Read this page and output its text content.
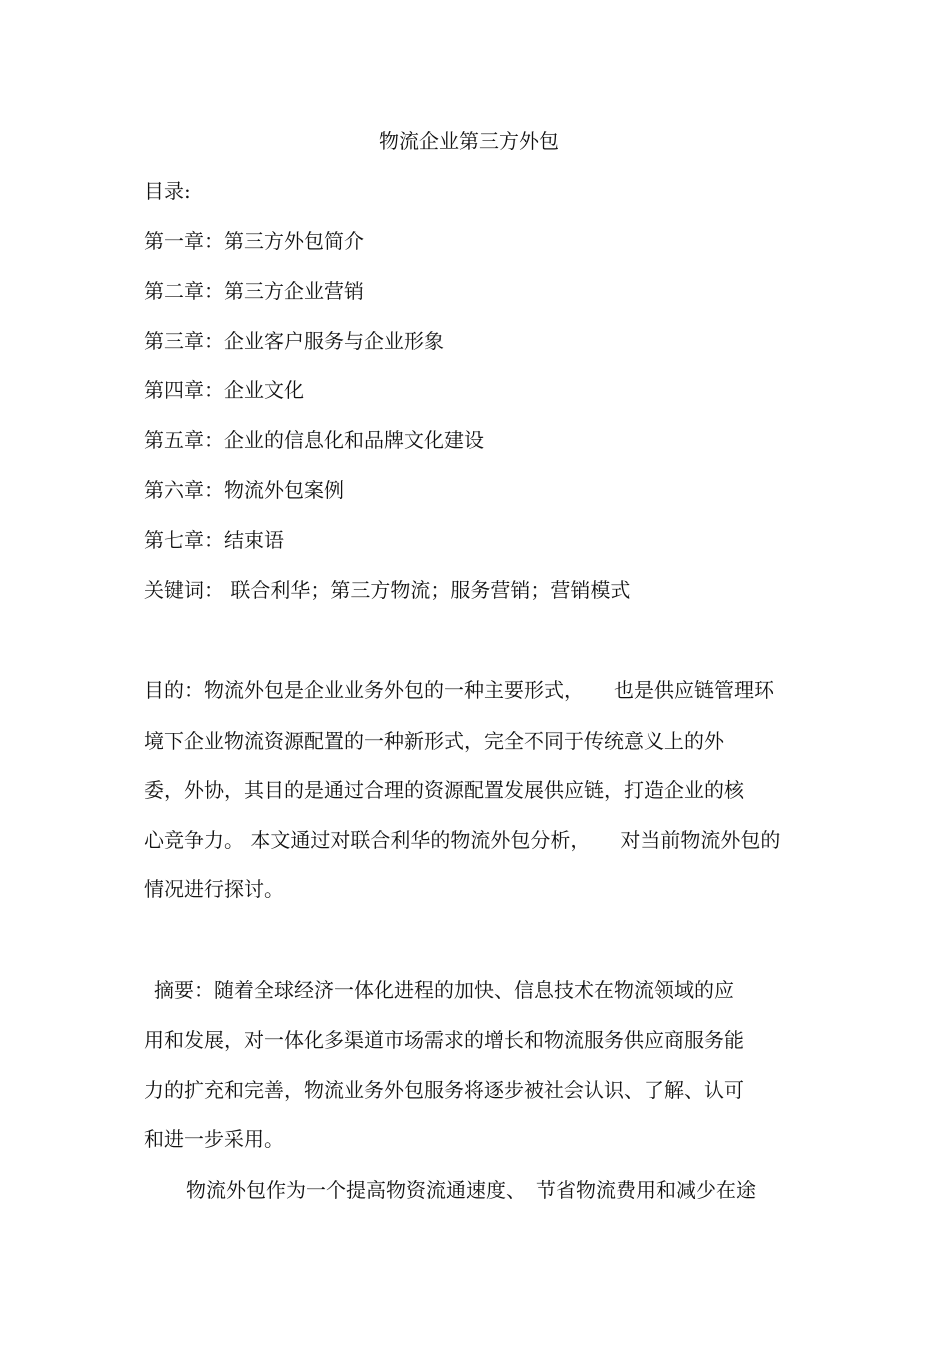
物流企业第三方外包
目录:
第一章：第三方外包简介
第二章：第三方企业营销
第三章：企业客户服务与企业形象
第四章：企业文化
第五章：企业的信息化和品牌文化建设
第六章：物流外包案例
第七章：结束语
关键词： 联合利华；第三方物流；服务营销；营销模式
目的：物流外包是企业业务外包的一种主要形式，　　也是供应链管理环
境下企业物流资源配置的一种新形式，完全不同于传统意义上的外
委，外协，其目的是通过合理的资源配置发展供应链，打造企业的核
心竞争力。 本文通过对联合利华的物流外包分析，　　对当前物流外包的
情况进行探讨。
摘要：随着全球经济一体化进程的加快、信息技术在物流领域的应
用和发展，对一体化多渠道市场需求的增长和物流服务供应商服务能
力的扩充和完善，物流业务外包服务将逐步被社会认识、了解、认可
和进一步采用。
物流外包作为一个提高物资流通速度、　节省物流费用和减少在途
